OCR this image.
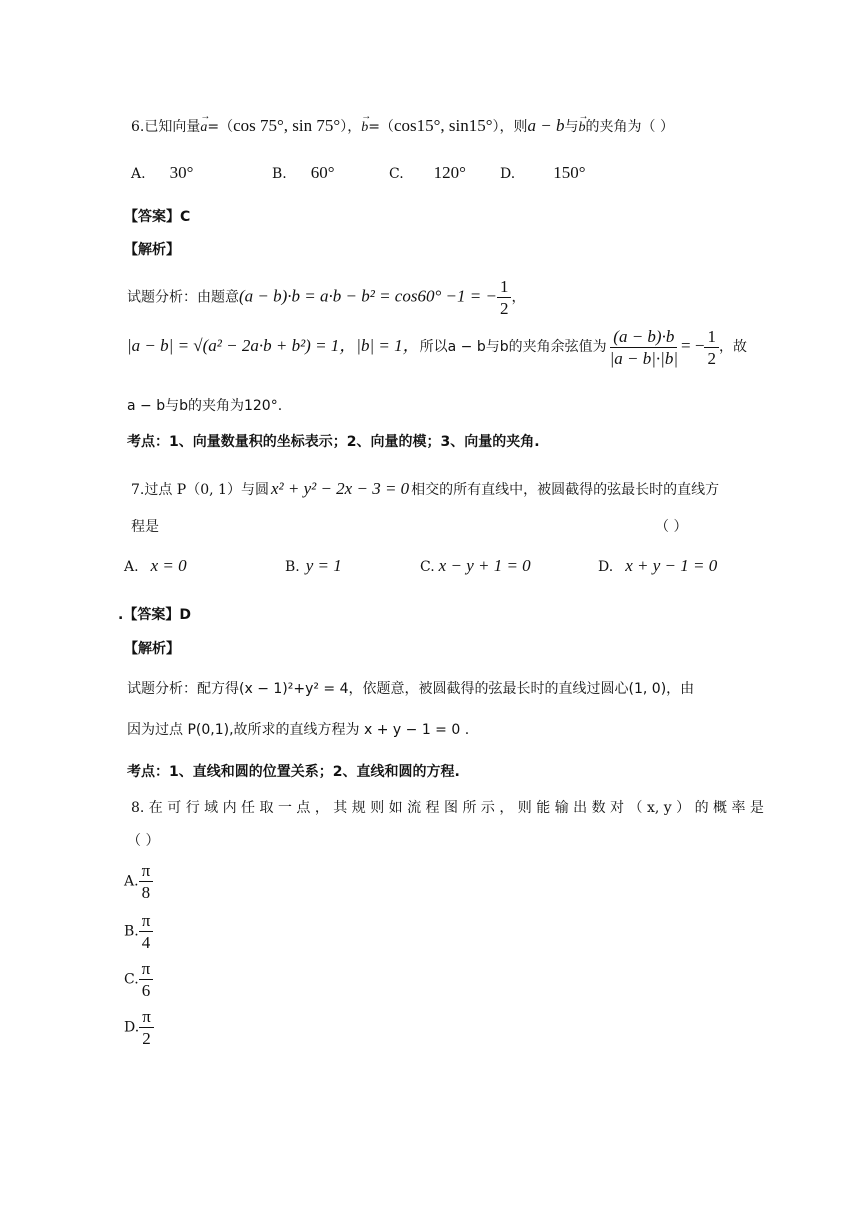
6.已知向量→ a=（cos 75°, sin 75°），→ b=（cos15°, sin15°），则a − b与→ b的夹角为（ ）
A. 30°	B. 60°	C. 120° D. 150°
【答案】C
【解析】
试题分析：由题意(a − b)·b = a·b − b² = cos60° −1 = − $\frac{1}{2}$ ，
|a − b| = √(a² − 2a·b + b²) = 1，|b| = 1，所以a − b与b的夹角余弦值为 $\frac{(a - b)\cdot b}{|a - b|\cdot|b|}$ = − $\frac{1}{2}$ ，故
a − b与b的夹角为120°.
考点：1、向量数量积的坐标表示；2、向量的模；3、向量的夹角.
7.过点 P（0, 1）与圆 x² + y² − 2x − 3 = 0 相交的所有直线中，被圆截得的弦最长时的直线方
程是	（ ）
A. x = 0	B. y = 1	C. x − y + 1 = 0	D. x + y − 1 = 0
.【答案】D
【解析】
试题分析：配方得(x − 1)²+y² = 4，依题意，被圆截得的弦最长时的直线过圆心(1, 0)，由
因为过点 P(0,1),故所求的直线方程为 x + y − 1 = 0 .
考点：1、直线和圆的位置关系；2、直线和圆的方程.
8. 在 可 行 域 内 任 取 一 点 ， 其 规 则 如 流 程 图 所 示 ， 则 能 输 出 数 对 （ x, y ） 的 概 率 是
（ ）
A. $\frac{\pi}{8}$
B. $\frac{\pi}{4}$
C. $\frac{\pi}{6}$
D. $\frac{\pi}{2}$
